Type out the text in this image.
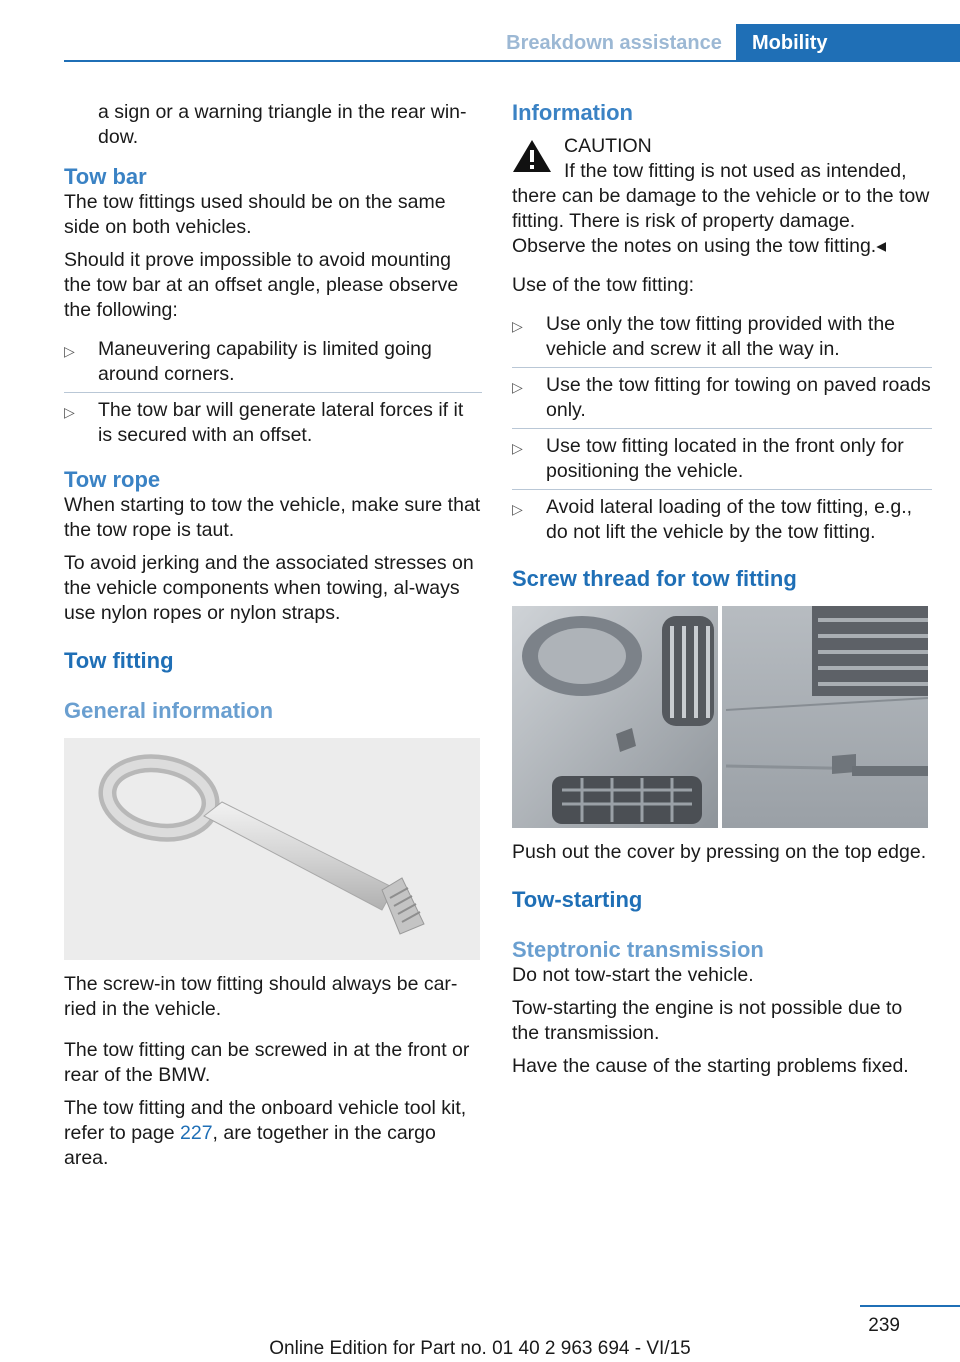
Breakdown assistance	Mobility

a sign or a warning triangle in the rear win-dow.

Tow bar

The tow fittings used should be on the same side on both vehicles.

Should it prove impossible to avoid mounting the tow bar at an offset angle, please observe the following:

▷ Maneuvering capability is limited going around corners.
▷ The tow bar will generate lateral forces if it is secured with an offset.
Tow rope

When starting to tow the vehicle, make sure that the tow rope is taut.

To avoid jerking and the associated stresses on the vehicle components when towing, al-ways use nylon ropes or nylon straps.

Tow fitting
General information

The screw-in tow fitting should always be car-ried in the vehicle.

The tow fitting can be screwed in at the front or rear of the BMW.

The tow fitting and the onboard vehicle tool kit, refer to page 227, are together in the cargo area.

Information
CAUTION
If the tow fitting is not used as intended,

there can be damage to the vehicle or to the tow fitting. There is risk of property damage. Observe the notes on using the tow fitting.◂

Use of the tow fitting:

▷ Use only the tow fitting provided with the vehicle and screw it all the way in.
▷ Use the tow fitting for towing on paved roads only.
▷ Use tow fitting located in the front only for positioning the vehicle.
▷ Avoid lateral loading of the tow fitting, e.g., do not lift the vehicle by the tow fitting.
Screw thread for tow fitting

Push out the cover by pressing on the top edge.

Tow-starting
Steptronic transmission

Do not tow-start the vehicle.

Tow-starting the engine is not possible due to the transmission.

Have the cause of the starting problems fixed.

239
Online Edition for Part no. 01 40 2 963 694 - VI/15
